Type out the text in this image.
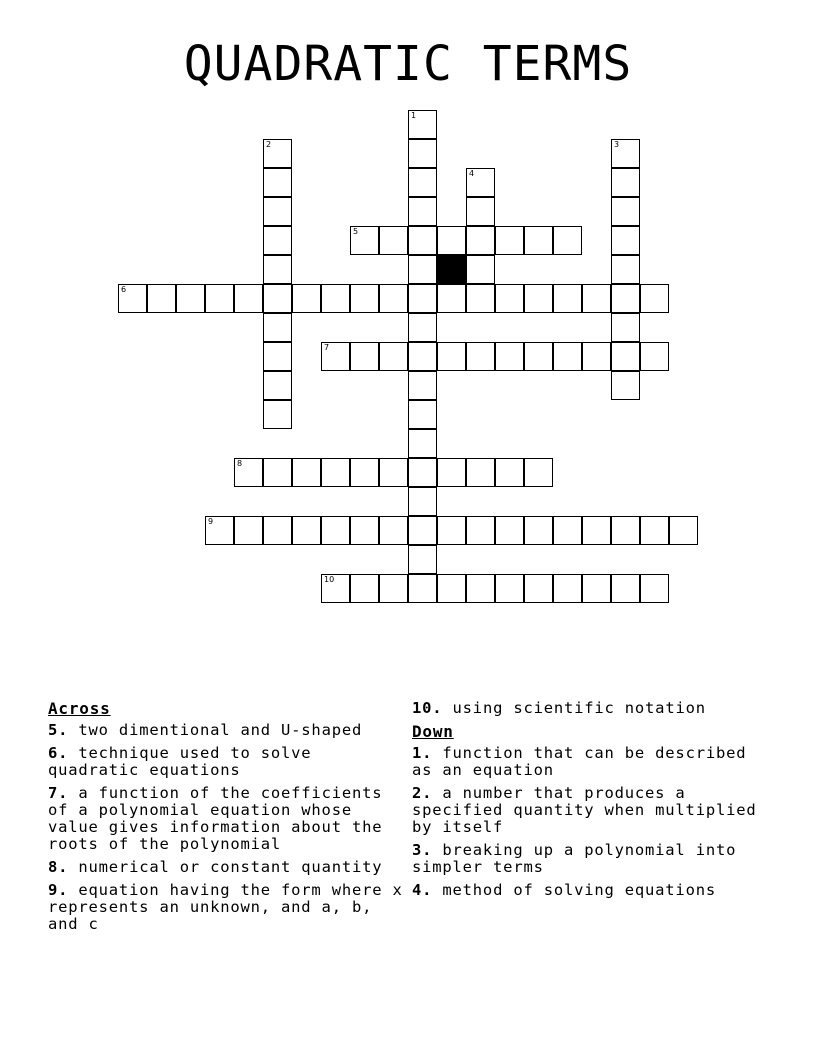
QUADRATIC TERMS
5
6
7
8
9
10
1
2	3
4
Across
5. two dimentional and U-shaped
6. technique used to solve quadratic equations
7. a function of the coefficients of a polynomial equation whose value gives information about the roots of the polynomial
8. numerical or constant quantity
9. equation having the form where x represents an unknown, and a, b, and c
10. using scientific notation
Down
1. function that can be described as an equation
2. a number that produces a specified quantity when multiplied by itself
3. breaking up a polynomial into simpler terms
4. method of solving equations
